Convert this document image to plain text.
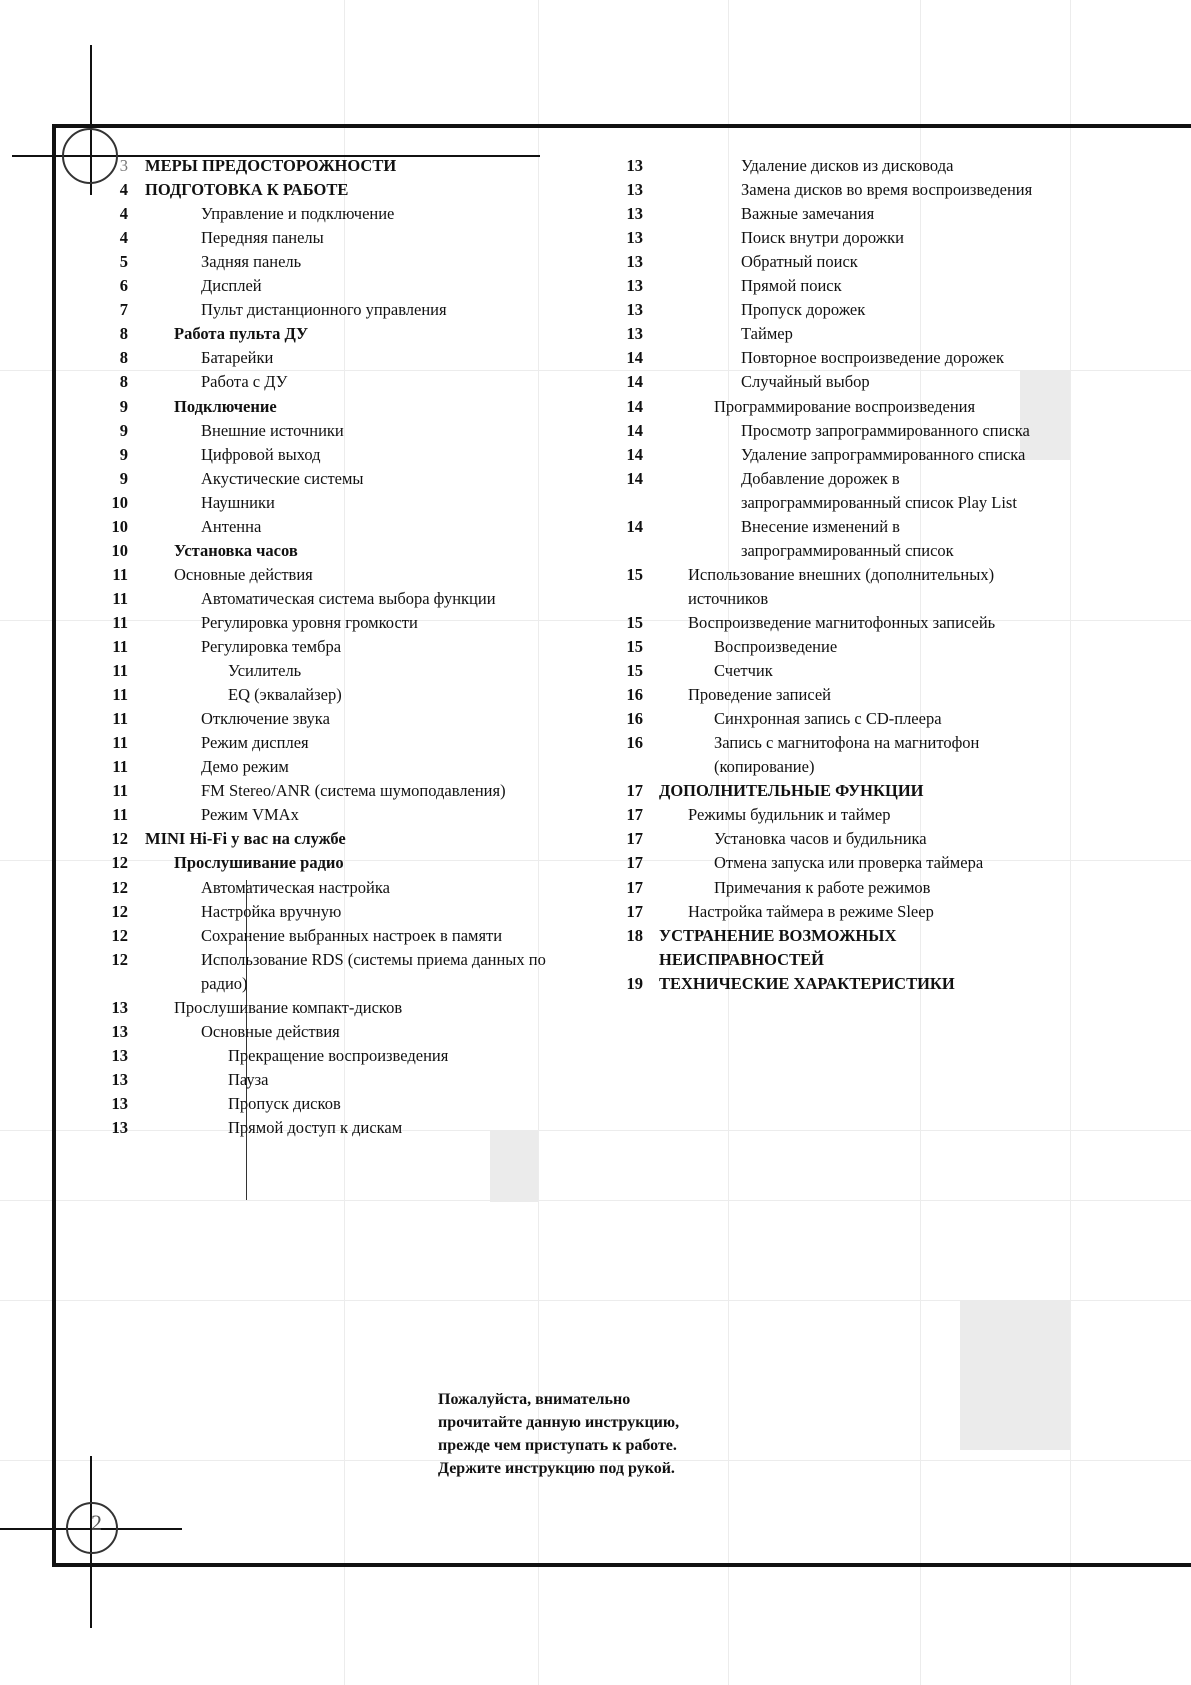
2
3 МЕРЫ ПРЕДОСТОРОЖНОСТИ
4 ПОДГОТОВКА К РАБОТЕ
4	Управление и подключение
4	Передняя панелы
5	Задняя панель
6	Дисплей
7	Пульт дистанционного управления
8	Работа пульта ДУ
8	Батарейки
8	Работа с ДУ
9	Подключение
9	Внешние источники
9	Цифровой выход
9	Акустические системы
10	Наушники
10	Антенна
10	Установка часов
11	Основные действия
11	Автоматическая система выбора функции
11	Регулировка уровня громкости
11	Регулировка тембра
11	Усилитель
11	EQ (эквалайзер)
11	Отключение звука
11	Режим дисплея
11	Демо режим
11	FM Stereo/ANR (система шумоподавления)
11	Режим VMAx
12 MINI Hi-Fi у вас на службе
12	Прослушивание радио
12	Автоматическая настройка
12	Настройка вручную
12	Сохранение выбранных настроек в памяти
12	Использование RDS (системы приема данных по
радио)
13	Прослушивание компакт-дисков
13	Основные действия
13	Прекращение воспроизведения
13	Пауза
13	Пропуск дисков
13	Прямой доступ к дискам
13	Удаление дисков из дисковода
13	Замена дисков во время воспроизведения
13	Важные замечания
13	Поиск внутри дорожки
13	Обратный поиск
13	Прямой поиск
13	Пропуск дорожек
13	Таймер
14	Повторное воспроизведение дорожек
14	Случайный выбор
14	Программирование воспроизведения
14	Просмотр запрограммированного списка
14	Удаление запрограммированного списка
14	Добавление дорожек в
запрограммированный список Play List
14	Внесение изменений в
запрограммированный список
15	Использование внешних (дополнительных)
источников
15	Воспроизведение магнитофонных записейь
15	Воспроизведение
15	Счетчик
16	Проведение записей
16	Синхронная запись с CD-плеера
16	Запись с магнитофона на магнитофон
(копирование)
17 ДОПОЛНИТЕЛЬНЫЕ ФУНКЦИИ
17	Режимы будильник и таймер
17	Установка часов и будильника
17	Отмена запуска или проверка таймера
17	Примечания к работе режимов
17	Настройка таймера в режиме Sleep
18 УСТРАНЕНИЕ ВОЗМОЖНЫХ
НЕИСПРАВНОСТЕЙ
19 ТЕХНИЧЕСКИЕ ХАРАКТЕРИСТИКИ
Пожалуйста, внимательно
прочитайте данную инструкцию,
прежде чем приступать к работе.
Держите инструкцию под рукой.
